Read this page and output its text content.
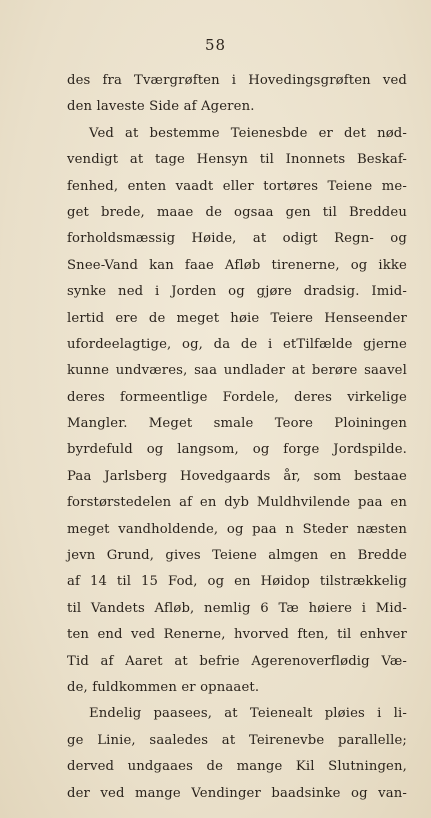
58
des fra Tværgrøften i Hovedingsgrøften ved
den laveste Side af Ageren.
Ved at bestemme Teienesbde er det nød-
vendigt at tage Hensyn til Inonnets Beskaf-
fenhed, enten vaadt eller tortøres Teiene me-
get brede, maae de ogsaa gen til Breddeu
forholdsmæssig Høide, at odigt Regn- og
Snee-Vand kan faae Afløb tirenerne, og ikke
synke ned i Jorden og gjøre dradsig. Imid-
lertid ere de meget høie Teiere Henseender
ufordeelagtige, og, da de i etTilfælde gjerne
kunne undværes, saa undlader at berøre saavel
deres formeentlige Fordele, deres virkelige
Mangler. Meget smale Teore Ploiningen
byrdefuld og langsom, og forge Jordspilde.
Paa Jarlsberg Hovedgaards år, som bestaae
forstørstedelen af en dyb Muldhvilende paa en
meget vandholdende, og paa n Steder næsten
jevn Grund, gives Teiene almgen en Bredde
af 14 til 15 Fod, og en Høidop tilstrækkelig
til Vandets Afløb, nemlig 6 Tæ høiere i Mid-
ten end ved Renerne, hvorved ften, til enhver
Tid af Aaret at befrie Agerenoverflødig Væ-
de, fuldkommen er opnaaet.
Endelig paasees, at Teienealt pløies i li-
ge Linie, saaledes at Teirenevbe parallelle;
derved undgaaes de mange Kil Slutningen,
der ved mange Vendinger baadsinke og van-
